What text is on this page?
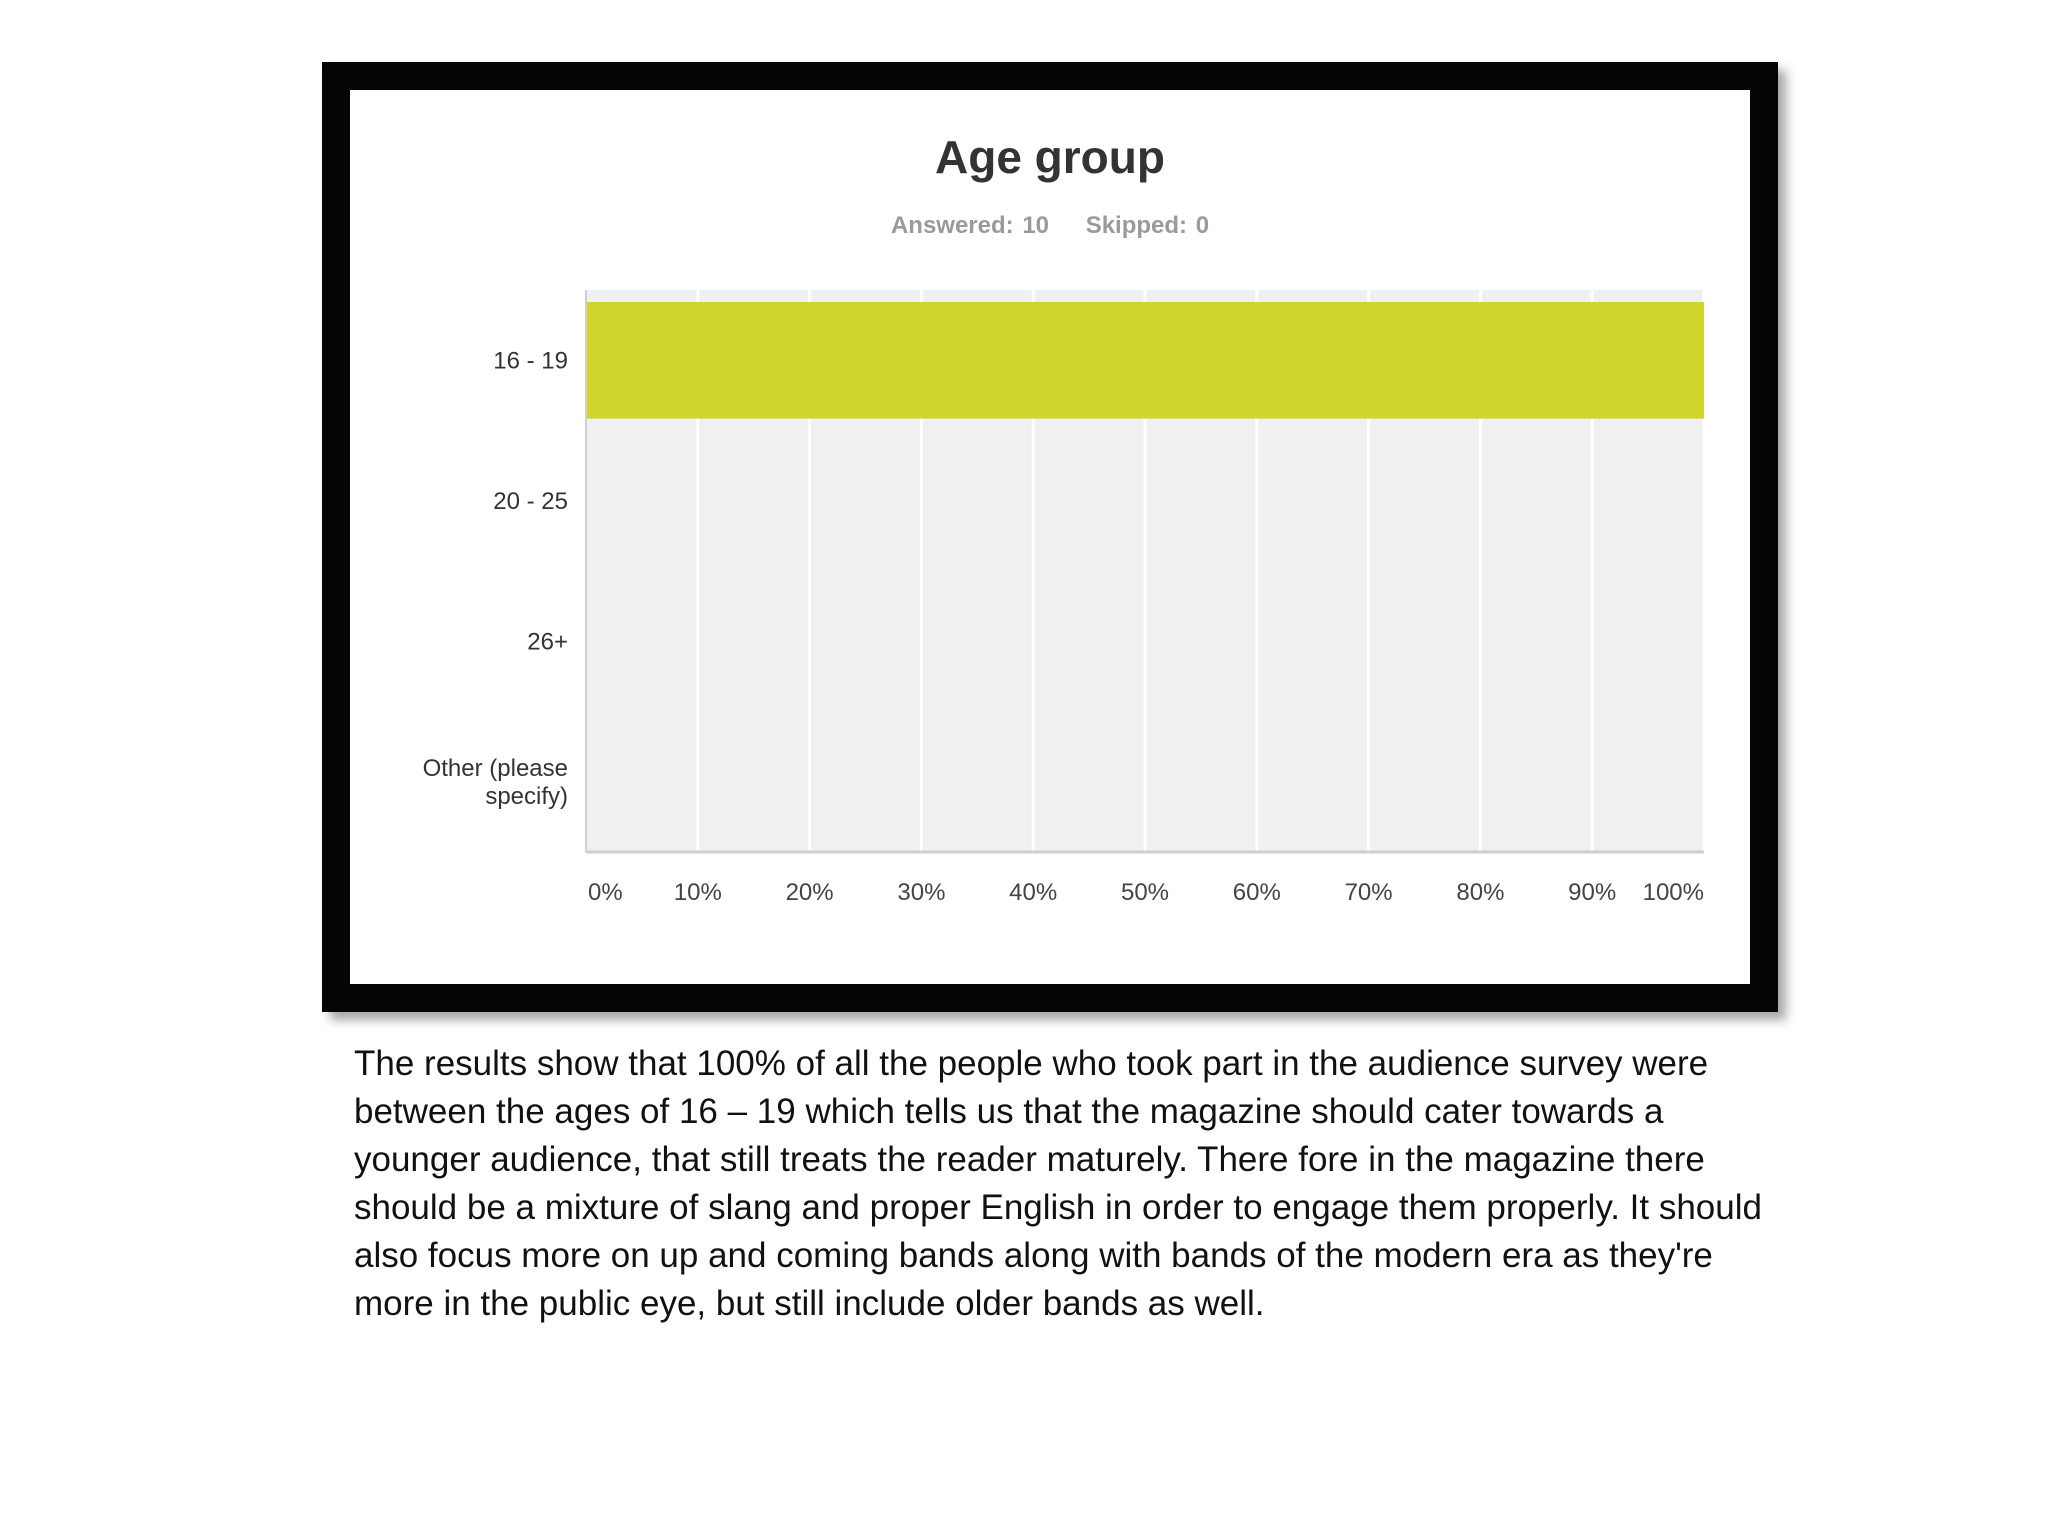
Age group
Answered: 10 Skipped: 0
16 - 19
20 - 25
26+
Other (please specify)
0% 10%	20%	30%	40%	50%	60%	70%	80%	90% 100%
The results show that 100% of all the people who took part in the audience survey were between the ages of 16 – 19 which tells us that the magazine should cater towards a younger audience, that still treats the reader maturely. There fore in the magazine there should be a mixture of slang and proper English in order to engage them properly. It should also focus more on up and coming bands along with bands of the modern era as they're more in the public eye, but still include older bands as well.
